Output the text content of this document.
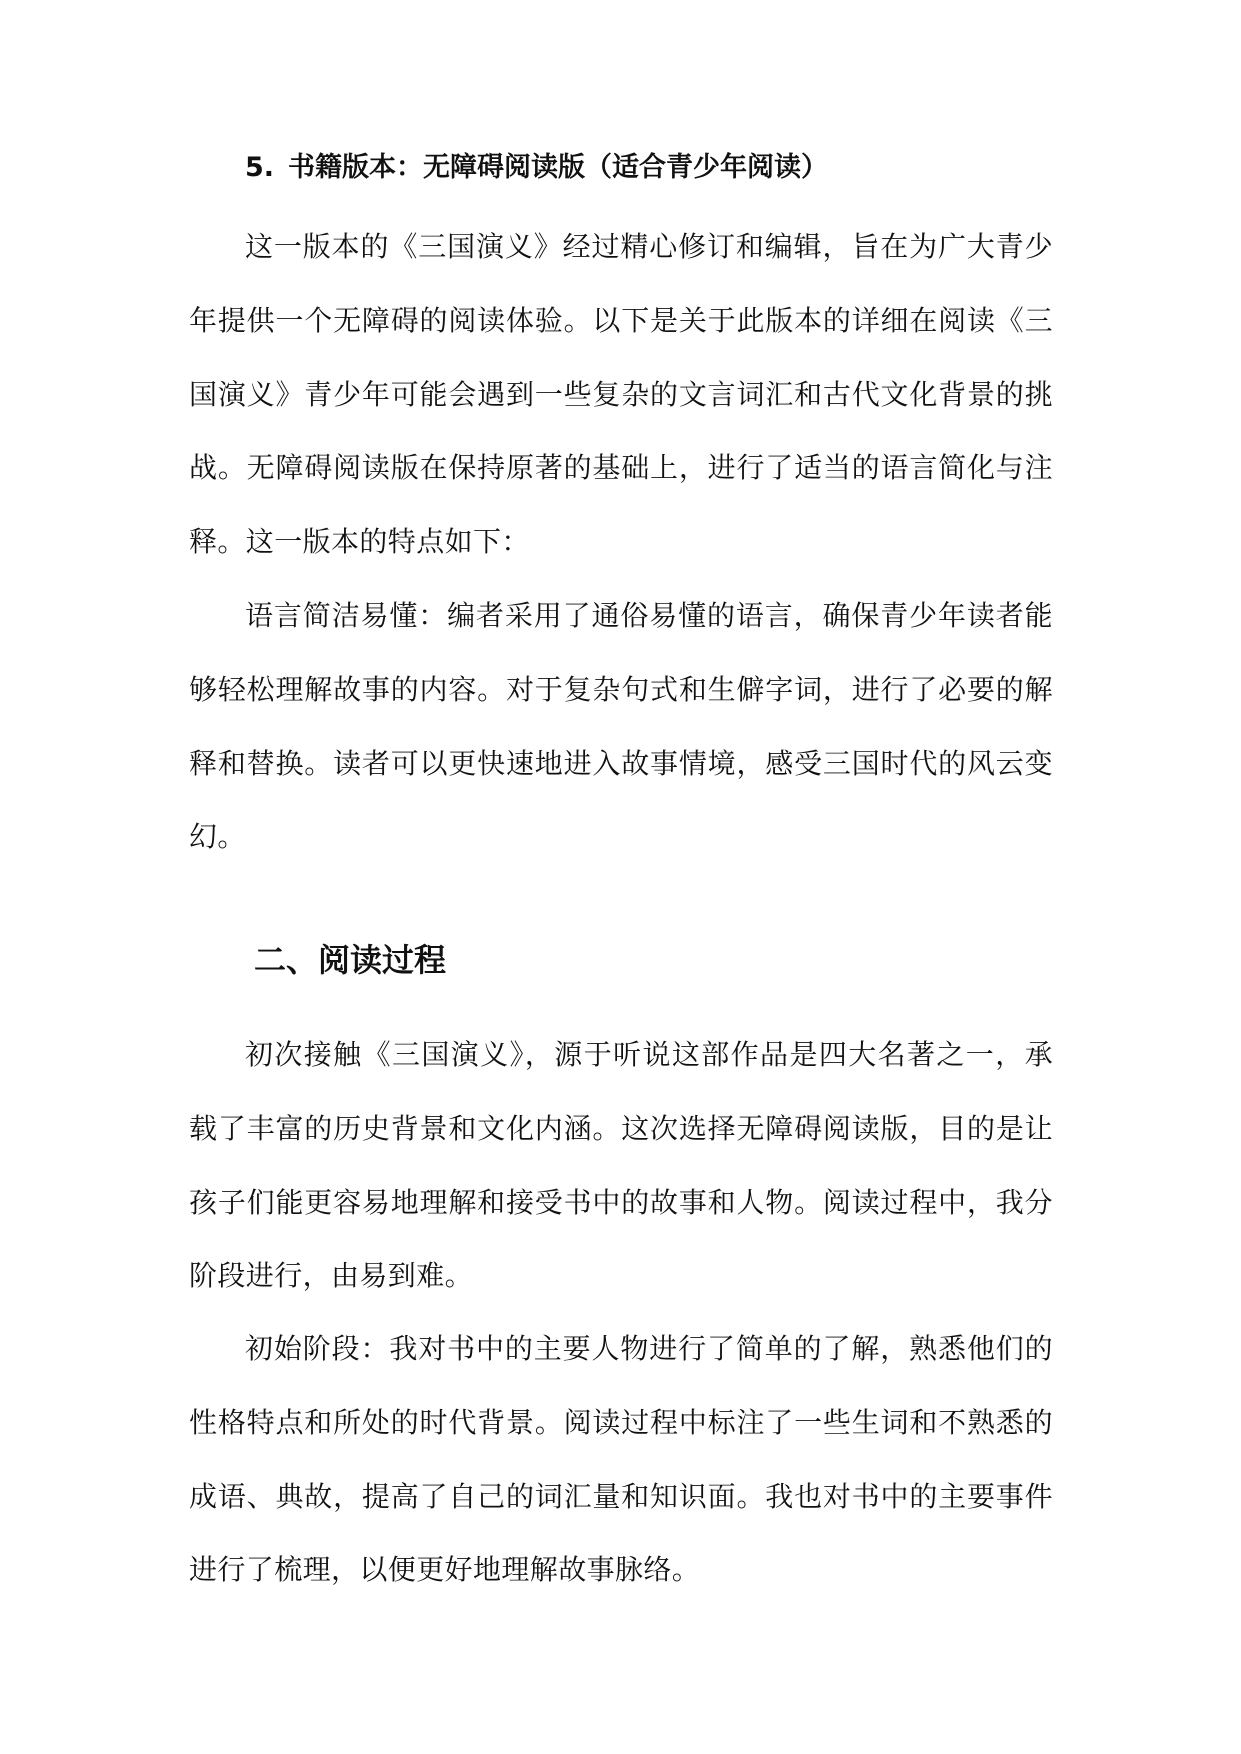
5. 书籍版本：无障碍阅读版（适合青少年阅读）

这一版本的《三国演义》经过精心修订和编辑，旨在为广大青少年提供一个无障碍的阅读体验。以下是关于此版本的详细在阅读《三国演义》青少年可能会遇到一些复杂的文言词汇和古代文化背景的挑战。无障碍阅读版在保持原著的基础上，进行了适当的语言简化与注释。这一版本的特点如下：

语言简洁易懂：编者采用了通俗易懂的语言，确保青少年读者能够轻松理解故事的内容。对于复杂句式和生僻字词，进行了必要的解释和替换。读者可以更快速地进入故事情境，感受三国时代的风云变幻。

二、阅读过程

初次接触《三国演义》，源于听说这部作品是四大名著之一，承载了丰富的历史背景和文化内涵。这次选择无障碍阅读版，目的是让孩子们能更容易地理解和接受书中的故事和人物。阅读过程中，我分阶段进行，由易到难。

初始阶段：我对书中的主要人物进行了简单的了解，熟悉他们的性格特点和所处的时代背景。阅读过程中标注了一些生词和不熟悉的成语、典故，提高了自己的词汇量和知识面。我也对书中的主要事件进行了梳理，以便更好地理解故事脉络。
